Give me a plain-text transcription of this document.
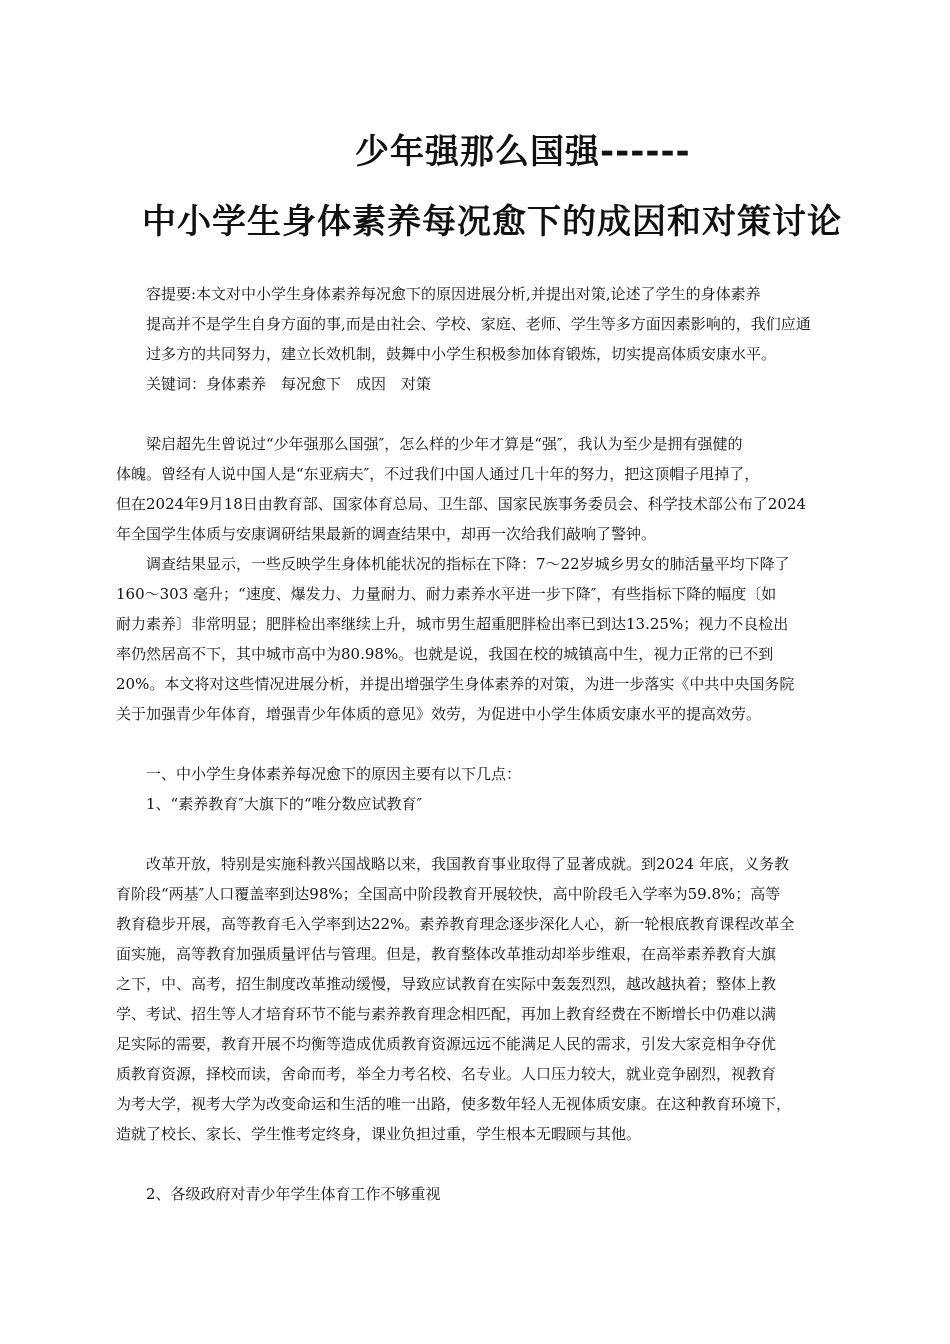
少年强那么国强------
中小学生身体素养每况愈下的成因和对策讨论
容提要:本文对中小学生身体素养每况愈下的原因进展分析,并提出对策,论述了学生的身体素养
提高并不是学生自身方面的事,而是由社会、学校、家庭、老师、学生等多方面因素影响的，我们应通
过多方的共同努力，建立长效机制，鼓舞中小学生积极参加体育锻炼，切实提高体质安康水平。
关键词：身体素养　每况愈下　成因　对策
梁启超先生曾说过“少年强那么国强″，怎么样的少年才算是“强″，我认为至少是拥有强健的
体魄。曾经有人说中国人是“东亚病夫″，不过我们中国人通过几十年的努力，把这顶帽子甩掉了，
但在2024年9月18日由教育部、国家体育总局、卫生部、国家民族事务委员会、科学技术部公布了2024
年全国学生体质与安康调研结果最新的调查结果中，却再一次给我们敲响了警钟。
调查结果显示，一些反映学生身体机能状况的指标在下降：7～22岁城乡男女的肺活量平均下降了
160～303 毫升；“速度、爆发力、力量耐力、耐力素养水平进一步下降″，有些指标下降的幅度〔如
耐力素养〕非常明显；肥胖检出率继续上升，城市男生超重肥胖检出率已到达13.25%；视力不良检出
率仍然居高不下，其中城市高中为80.98%。也就是说，我国在校的城镇高中生，视力正常的已不到
20%。本文将对这些情况进展分析，并提出增强学生身体素养的对策，为进一步落实《中共中央国务院
关于加强青少年体育，增强青少年体质的意见》效劳，为促进中小学生体质安康水平的提高效劳。
一、中小学生身体素养每况愈下的原因主要有以下几点：
1、“素养教育″大旗下的“唯分数应试教育″
改革开放，特别是实施科教兴国战略以来，我国教育事业取得了显著成就。到2024 年底，义务教
育阶段“两基″人口覆盖率到达98%；全国高中阶段教育开展较快，高中阶段毛入学率为59.8%；高等
教育稳步开展，高等教育毛入学率到达22%。素养教育理念逐步深化人心，新一轮根底教育课程改革全
面实施，高等教育加强质量评估与管理。但是，教育整体改革推动却举步维艰，在高举素养教育大旗
之下，中、高考，招生制度改革推动缓慢，导致应试教育在实际中轰轰烈烈，越改越执着；整体上教
学、考试、招生等人才培育环节不能与素养教育理念相匹配，再加上教育经费在不断增长中仍难以满
足实际的需要，教育开展不均衡等造成优质教育资源远远不能满足人民的需求，引发大家竞相争夺优
质教育资源，择校而读，舍命而考，举全力考名校、名专业。人口压力较大，就业竞争剧烈，视教育
为考大学，视考大学为改变命运和生活的唯一出路，使多数年轻人无视体质安康。在这种教育环境下，
造就了校长、家长、学生惟考定终身，课业负担过重，学生根本无暇顾与其他。
2、各级政府对青少年学生体育工作不够重视
